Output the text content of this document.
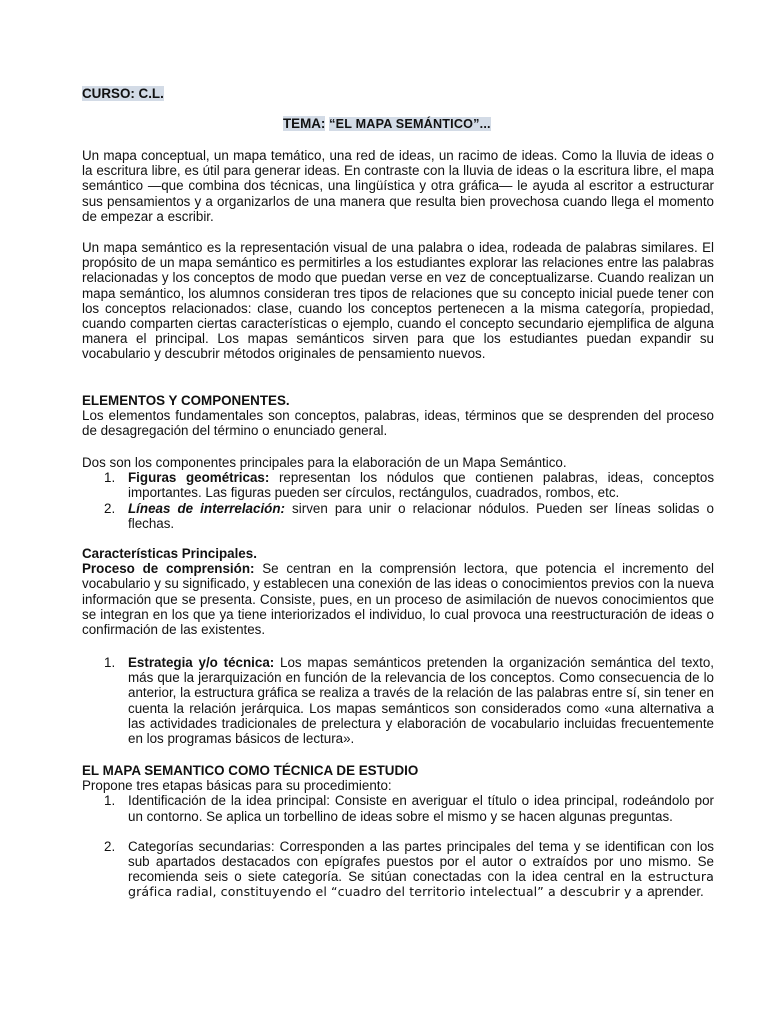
CURSO: C.L.
TEMA: “EL MAPA SEMÁNTICO”...

Un mapa conceptual, un mapa temático, una red de ideas, un racimo de ideas. Como la lluvia de ideas o la escritura libre, es útil para generar ideas. En contraste con la lluvia de ideas o la escritura libre, el mapa semántico —que combina dos técnicas, una lingüística y otra gráfica— le ayuda al escritor a estructurar sus pensamientos y a organizarlos de una manera que resulta bien provechosa cuando llega el momento de empezar a escribir.

Un mapa semántico es la representación visual de una palabra o idea, rodeada de palabras similares. El propósito de un mapa semántico es permitirles a los estudiantes explorar las relaciones entre las palabras relacionadas y los conceptos de modo que puedan verse en vez de conceptualizarse. Cuando realizan un mapa semántico, los alumnos consideran tres tipos de relaciones que su concepto inicial puede tener con los conceptos relacionados: clase, cuando los conceptos pertenecen a la misma categoría, propiedad, cuando comparten ciertas características o ejemplo, cuando el concepto secundario ejemplifica de alguna manera el principal. Los mapas semánticos sirven para que los estudiantes puedan expandir su vocabulario y descubrir métodos originales de pensamiento nuevos.

ELEMENTOS Y COMPONENTES.

Los elementos fundamentales son conceptos, palabras, ideas, términos que se desprenden del proceso de desagregación del término o enunciado general.

Dos son los componentes principales para la elaboración de un Mapa Semántico.

1. Figuras geométricas: representan los nódulos que contienen palabras, ideas, conceptos importantes. Las figuras pueden ser círculos, rectángulos, cuadrados, rombos, etc.
2. Líneas de interrelación: sirven para unir o relacionar nódulos. Pueden ser líneas solidas o flechas.

Características Principales.

Proceso de comprensión: Se centran en la comprensión lectora, que potencia el incremento del vocabulario y su significado, y establecen una conexión de las ideas o conocimientos previos con la nueva información que se presenta. Consiste, pues, en un proceso de asimilación de nuevos conocimientos que se integran en los que ya tiene interiorizados el individuo, lo cual provoca una reestructuración de ideas o confirmación de las existentes.

1. Estrategia y/o técnica: Los mapas semánticos pretenden la organización semántica del texto, más que la jerarquización en función de la relevancia de los conceptos. Como consecuencia de lo anterior, la estructura gráfica se realiza a través de la relación de las palabras entre sí, sin tener en cuenta la relación jerárquica. Los mapas semánticos son considerados como «una alternativa a las actividades tradicionales de prelectura y elaboración de vocabulario incluidas frecuentemente en los programas básicos de lectura».

EL MAPA SEMANTICO COMO TÉCNICA DE ESTUDIO

Propone tres etapas básicas para su procedimiento:

1. Identificación de la idea principal: Consiste en averiguar el título o idea principal, rodeándolo por un contorno. Se aplica un torbellino de ideas sobre el mismo y se hacen algunas preguntas.
2. Categorías secundarias: Corresponden a las partes principales del tema y se identifican con los sub apartados destacados con epígrafes puestos por el autor o extraídos por uno mismo. Se recomienda seis o siete categoría. Se sitúan conectadas con la idea central en la estructura gráfica radial, constituyendo el “cuadro del territorio intelectual” a descubrir y a aprender.
